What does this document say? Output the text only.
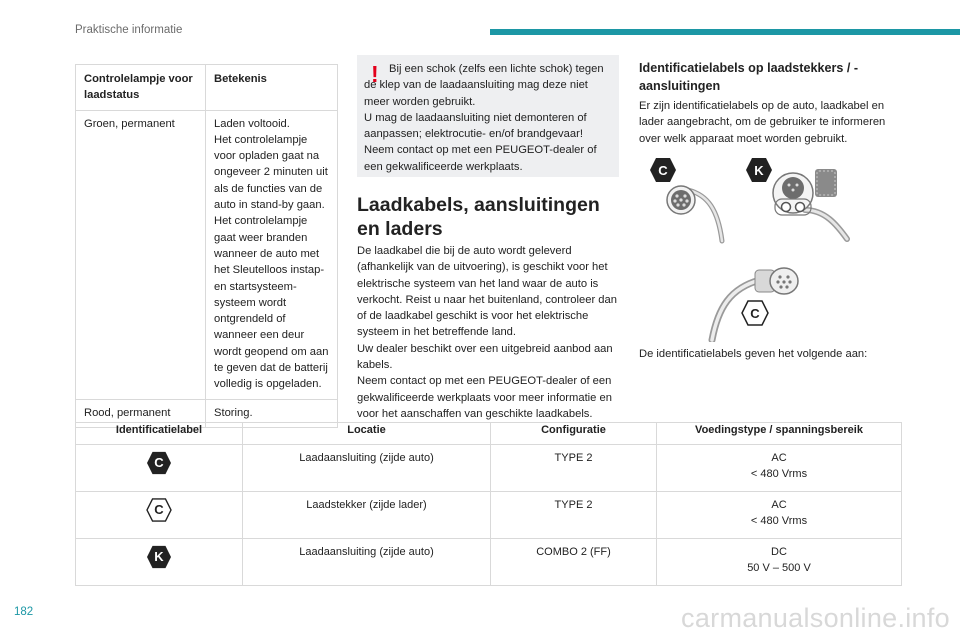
Praktische informatie
Controlelampje voor laadstatus	Betekenis
Groen, permanent	Laden voltooid.
Het controlelampje voor opladen gaat na ongeveer 2 minuten uit als de functies van de auto in stand-by gaan.
Het controlelampje gaat weer branden wanneer de auto met het Sleutelloos instap-en startsysteem-systeem wordt ontgrendeld of wanneer een deur wordt geopend om aan te geven dat de batterij volledig is opgeladen.

Rood, permanent	Storing.
! Bij een schok (zelfs een lichte schok) tegen de klep van de laadaansluiting mag deze niet meer worden gebruikt.

U mag de laadaansluiting niet demonteren of aanpassen; elektrocutie- en/of brandgevaar!

Neem contact op met een PEUGEOT-dealer of een gekwalificeerde werkplaats.

Laadkabels, aansluitingen en laders
De laadkabel die bij de auto wordt geleverd (afhankelijk van de uitvoering), is geschikt voor het elektrische systeem van het land waar de auto is verkocht. Reist u naar het buitenland, controleer dan of de laadkabel geschikt is voor het elektrische systeem in het betreffende land.
Uw dealer beschikt over een uitgebreid aanbod aan kabels.
Neem contact op met een PEUGEOT-dealer of een gekwalificeerde werkplaats voor meer informatie en voor het aanschaffen van geschikte laadkabels.
Identificatielabels op laadstekkers / -aansluitingen

Er zijn identificatielabels op de auto, laadkabel en lader aangebracht, om de gebruiker te informeren over welk apparaat moet worden gebruikt.

C	K
C

De identificatielabels geven het volgende aan:

Identificatielabel	Locatie	Configuratie	Voedingstype / spanningsbereik

C	Laadaansluiting (zijde auto)	TYPE 2	AC
< 480 Vrms

C	Laadstekker (zijde lader)	TYPE 2	AC
< 480 Vrms

K	Laadaansluiting (zijde auto)	COMBO 2 (FF)	DC
50 V – 500 V
182	carmanualsonline.info
